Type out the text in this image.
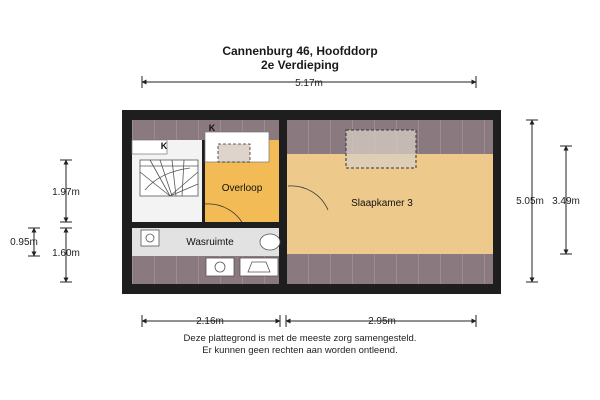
Cannenburg 46, Hoofddorp
2e Verdieping
5.17m
K
K
Overloop
Wasruimte
Slaapkamer 3
1.97m
1.60m
0.95m
5.05m 3.49m
2.16m	2.95m
Deze plattegrond is met de meeste zorg samengesteld.
Er kunnen geen rechten aan worden ontleend.
